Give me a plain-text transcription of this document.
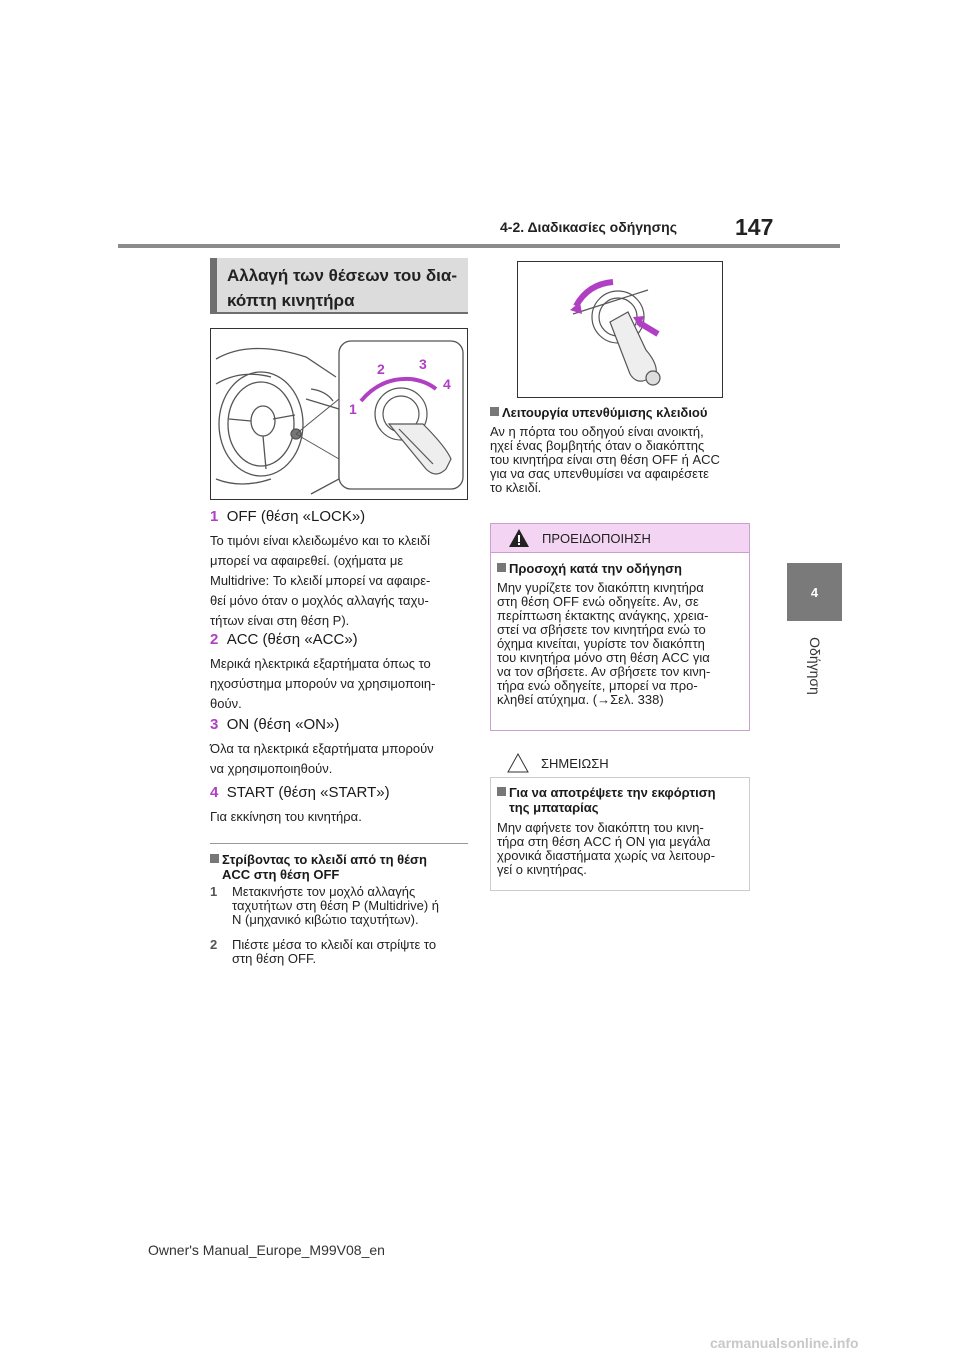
4-2. Διαδικασίες οδήγησης	147
4
Οδήγηση
Αλλαγή των θέσεων του δια-κόπτη κινητήρα
1
2 3
4
1 OFF (θέση «LOCK»)
Το τιμόνι είναι κλειδωμένο και το κλειδί
μπορεί να αφαιρεθεί. (οχήματα με
Multidrive: Το κλειδί μπορεί να αφαιρε-
θεί μόνο όταν ο μοχλός αλλαγής ταχυ-
τήτων είναι στη θέση P).
2 ACC (θέση «ACC»)
Μερικά ηλεκτρικά εξαρτήματα όπως το
ηχοσύστημα μπορούν να χρησιμοποιη-
θούν.
3 ON (θέση «ON»)
Όλα τα ηλεκτρικά εξαρτήματα μπορούν
να χρησιμοποιηθούν.
4 START (θέση «START»)
Για εκκίνηση του κινητήρα.
Στρίβοντας το κλειδί από τη θέση
ACC στη θέση OFF
1 Μετακινήστε τον μοχλό αλλαγής
ταχυτήτων στη θέση P (Multidrive) ή
N (μηχανικό κιβώτιο ταχυτήτων).
2 Πιέστε μέσα το κλειδί και στρίψτε το
στη θέση OFF.
Λειτουργία υπενθύμισης κλειδιού
Αν η πόρτα του οδηγού είναι ανοικτή,
ηχεί ένας βομβητής όταν ο διακόπτης
του κινητήρα είναι στη θέση OFF ή ACC
για να σας υπενθυμίσει να αφαιρέσετε
το κλειδί.
ΠΡΟΕΙΔΟΠΟΙΗΣΗ
Προσοχή κατά την οδήγηση
Μην γυρίζετε τον διακόπτη κινητήρα
στη θέση OFF ενώ οδηγείτε. Αν, σε
περίπτωση έκτακτης ανάγκης, χρεια-
στεί να σβήσετε τον κινητήρα ενώ το
όχημα κινείται, γυρίστε τον διακόπτη
του κινητήρα μόνο στη θέση ACC για
να τον σβήσετε. Αν σβήσετε τον κινη-
τήρα ενώ οδηγείτε, μπορεί να προ-
κληθεί ατύχημα. (→Σελ. 338)
ΣΗΜΕΙΩΣΗ
Για να αποτρέψετε την εκφόρτιση
της μπαταρίας
Μην αφήνετε τον διακόπτη του κινη-
τήρα στη θέση ACC ή ON για μεγάλα
χρονικά διαστήματα χωρίς να λειτουρ-
γεί ο κινητήρας.
Owner's Manual_Europe_M99V08_en
carmanualsonline.info
